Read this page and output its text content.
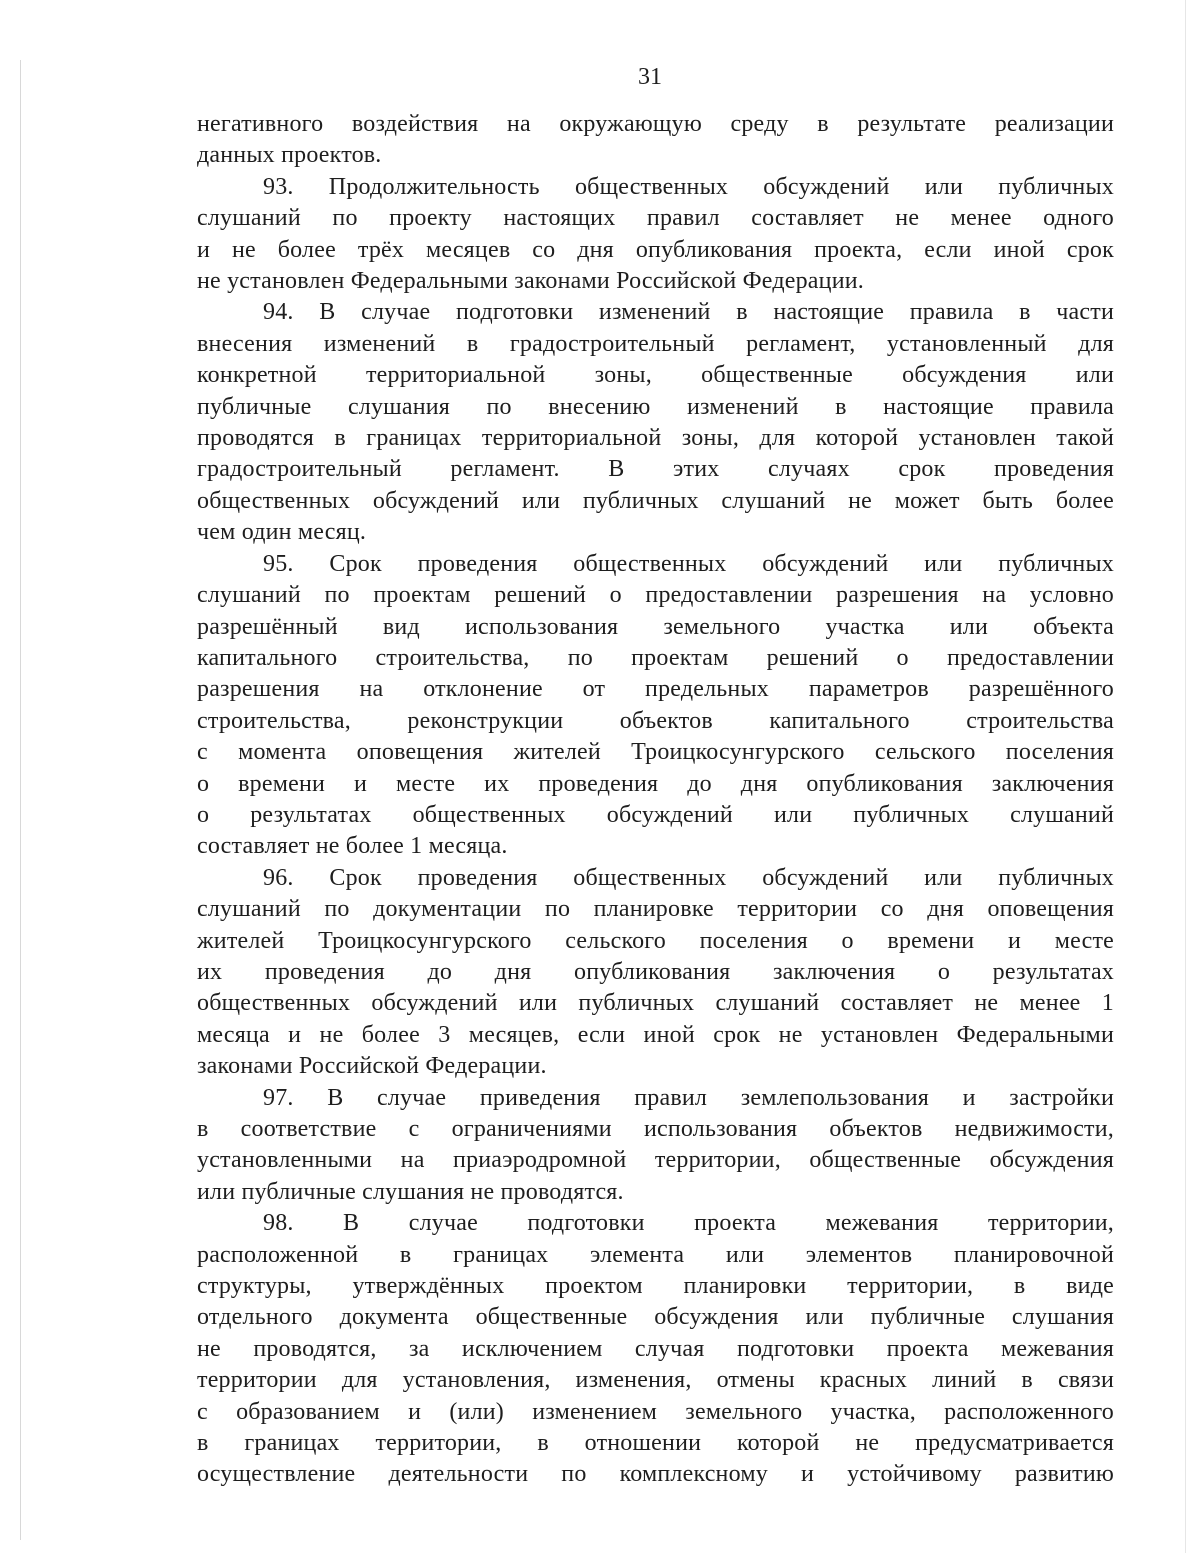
31

негативного воздействия на окружающую среду в результате реализации

данных проектов.

93. Продолжительность общественных обсуждений или публичных

слушаний по проекту настоящих правил составляет не менее одного

и не более трёх месяцев со дня опубликования проекта, если иной срок

не установлен Федеральными законами Российской Федерации.

94. В случае подготовки изменений в настоящие правила в части

внесения изменений в градостроительный регламент, установленный для

конкретной территориальной зоны, общественные обсуждения или

публичные слушания по внесению изменений в настоящие правила

проводятся в границах территориальной зоны, для которой установлен такой

градостроительный регламент. В этих случаях срок проведения

общественных обсуждений или публичных слушаний не может быть более

чем один месяц.

95. Срок проведения общественных обсуждений или публичных

слушаний по проектам решений о предоставлении разрешения на условно

разрешённый вид использования земельного участка или объекта

капитального строительства, по проектам решений о предоставлении

разрешения на отклонение от предельных параметров разрешённого

строительства, реконструкции объектов капитального строительства

с момента оповещения жителей Троицкосунгурского сельского поселения

о времени и месте их проведения до дня опубликования заключения

о результатах общественных обсуждений или публичных слушаний

составляет не более 1 месяца.

96. Срок проведения общественных обсуждений или публичных

слушаний по документации по планировке территории со дня оповещения

жителей Троицкосунгурского сельского поселения о времени и месте

их проведения до дня опубликования заключения о результатах

общественных обсуждений или публичных слушаний составляет не менее 1

месяца и не более 3 месяцев, если иной срок не установлен Федеральными

законами Российской Федерации.

97. В случае приведения правил землепользования и застройки

в соответствие с ограничениями использования объектов недвижимости,

установленными на приаэродромной территории, общественные обсуждения

или публичные слушания не проводятся.

98. В случае подготовки проекта межевания территории,

расположенной в границах элемента или элементов планировочной

структуры, утверждённых проектом планировки территории, в виде

отдельного документа общественные обсуждения или публичные слушания

не проводятся, за исключением случая подготовки проекта межевания

территории для установления, изменения, отмены красных линий в связи

с образованием и (или) изменением земельного участка, расположенного

в границах территории, в отношении которой не предусматривается

осуществление деятельности по комплексному и устойчивому развитию
